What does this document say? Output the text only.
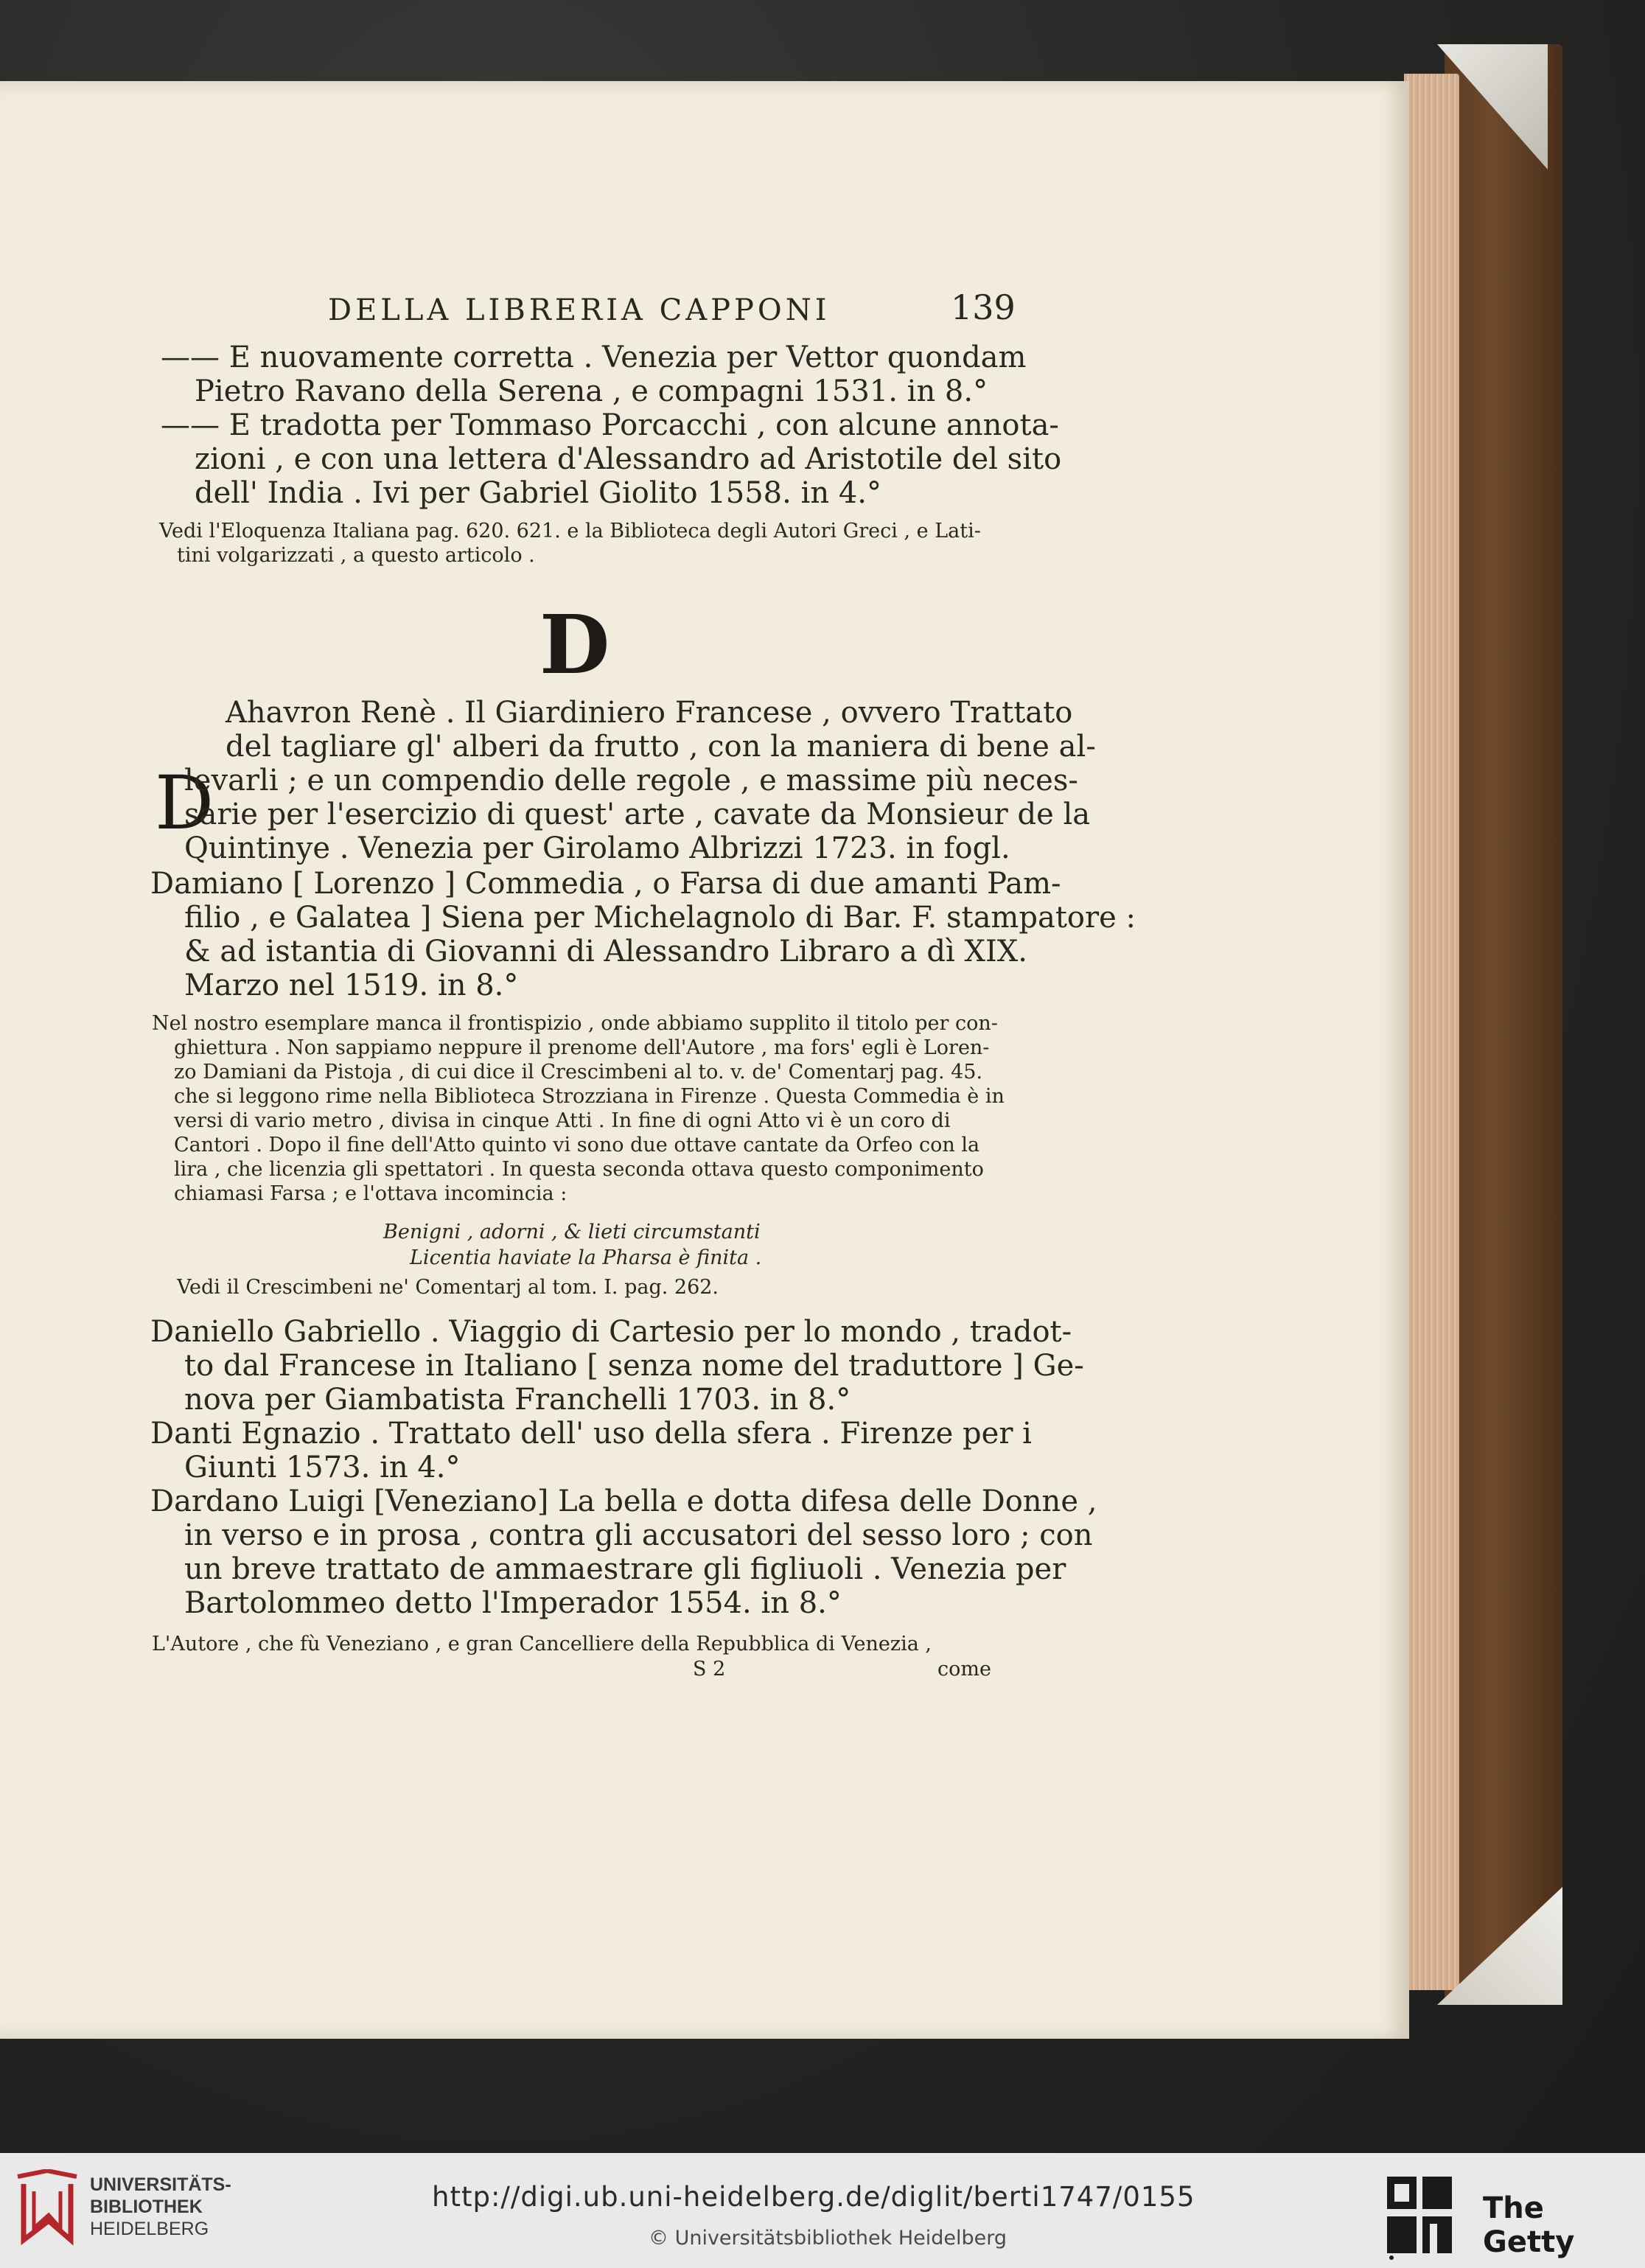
DELLA LIBRERIA CAPPONI	139
—— E nuovamente corretta . Venezia per Vettor quondam
Pietro Ravano della Serena , e compagni 1531. in 8.°
—— E tradotta per Tommaso Porcacchi , con alcune annota-
zioni , e con una lettera d'Alessandro ad Aristotile del sito
dell' India . Ivi per Gabriel Giolito 1558. in 4.°
Vedi l'Eloquenza Italiana pag. 620. 621. e la Biblioteca degli Autori Greci , e Lati-
tini volgarizzati , a questo articolo .
D
D
Ahavron Renè . Il Giardiniero Francese , ovvero Trattato
del tagliare gl' alberi da frutto , con la maniera di bene al-
levarli ; e un compendio delle regole , e massime più neces-
sarie per l'esercizio di quest' arte , cavate da Monsieur de la
Quintinye . Venezia per Girolamo Albrizzi 1723. in fogl.
Damiano [ Lorenzo ] Commedia , o Farsa di due amanti Pam-
filio , e Galatea ] Siena per Michelagnolo di Bar. F. stampatore :
& ad istantia di Giovanni di Alessandro Libraro a dì XIX.
Marzo nel 1519. in 8.°
Nel nostro esemplare manca il frontispizio , onde abbiamo supplito il titolo per con-
ghiettura . Non sappiamo neppure il prenome dell'Autore , ma fors' egli è Loren-
zo Damiani da Pistoja , di cui dice il Crescimbeni al to. v. de' Comentarj pag. 45.
che si leggono rime nella Biblioteca Strozziana in Firenze . Questa Commedia è in
versi di vario metro , divisa in cinque Atti . In fine di ogni Atto vi è un coro di
Cantori . Dopo il fine dell'Atto quinto vi sono due ottave cantate da Orfeo con la
lira , che licenzia gli spettatori . In questa seconda ottava questo componimento
chiamasi Farsa ; e l'ottava incomincia :
Benigni , adorni , & lieti circumstanti
Licentia haviate la Pharsa è finita .
Vedi il Crescimbeni ne' Comentarj al tom. I. pag. 262.
Daniello Gabriello . Viaggio di Cartesio per lo mondo , tradot-
to dal Francese in Italiano [ senza nome del traduttore ] Ge-
nova per Giambatista Franchelli 1703. in 8.°
Danti Egnazio . Trattato dell' uso della sfera . Firenze per i
Giunti 1573. in 4.°
Dardano Luigi [Veneziano] La bella e dotta difesa delle Donne ,
in verso e in prosa , contra gli accusatori del sesso loro ; con
un breve trattato de ammaestrare gli figliuoli . Venezia per
Bartolommeo detto l'Imperador 1554. in 8.°
L'Autore , che fù Veneziano , e gran Cancelliere della Repubblica di Venezia ,
S 2	come
UNIVERSITÄTS-
BIBLIOTHEK
HEIDELBERG
http://digi.ub.uni-heidelberg.de/diglit/berti1747/0155
© Universitätsbibliothek Heidelberg
The Getty
